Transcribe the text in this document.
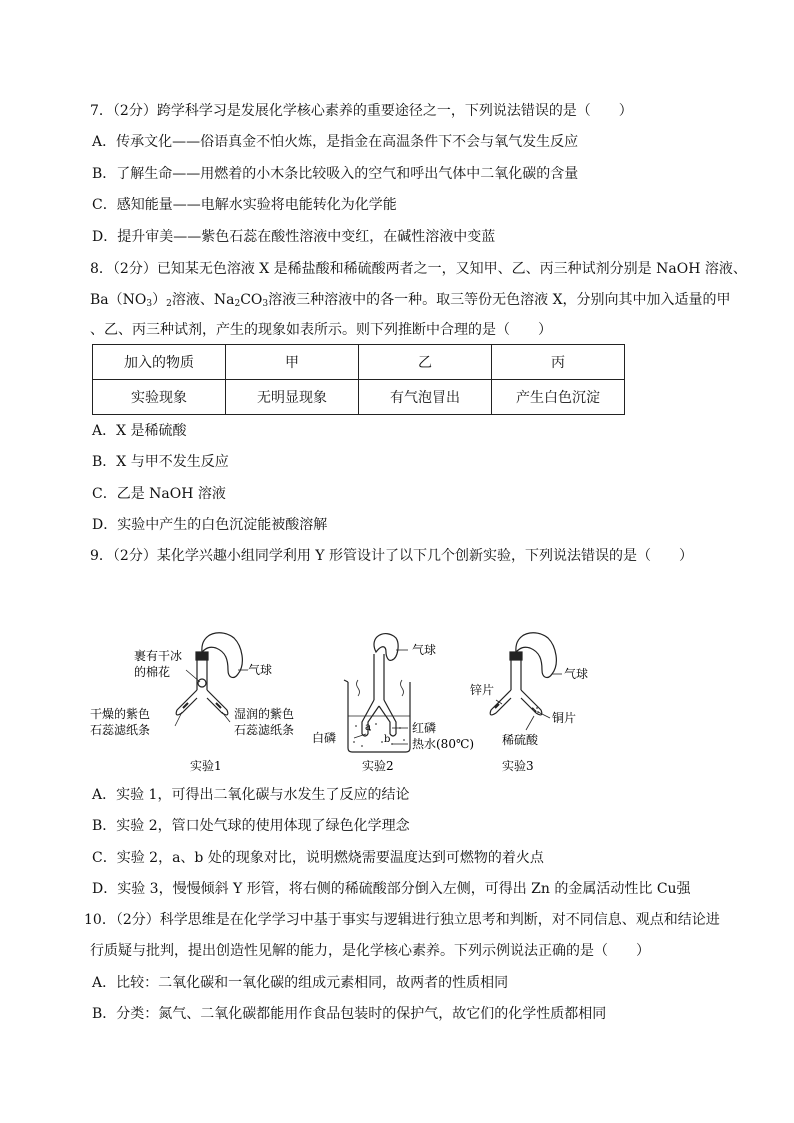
7．（2分）跨学科学习是发展化学核心素养的重要途径之一，下列说法错误的是（　　）
A．传承文化——俗语真金不怕火炼，是指金在高温条件下不会与氧气发生反应
B．了解生命——用燃着的小木条比较吸入的空气和呼出气体中二氧化碳的含量
C．感知能量——电解水实验将电能转化为化学能
D．提升审美——紫色石蕊在酸性溶液中变红，在碱性溶液中变蓝
8．（2分）已知某无色溶液 X 是稀盐酸和稀硫酸两者之一，又知甲、乙、丙三种试剂分别是 NaOH 溶液、
$Ba(NO_3)_2$溶液、$Na_2CO_3$溶液三种溶液中的各一种。取三等份无色溶液 X，分别向其中加入适量的甲
、乙、丙三种试剂，产生的现象如表所示。则下列推断中合理的是（　　）
加入的物质	甲	乙	丙
实验现象	无明显现象	有气泡冒出	产生白色沉淀
A．X 是稀硫酸
B．X 与甲不发生反应
C．乙是 NaOH 溶液
D．实验中产生的白色沉淀能被酸溶解
9．（2分）某化学兴趣小组同学利用 Y 形管设计了以下几个创新实验，下列说法错误的是（　　）
裹有干冰
的棉花	气球
干燥的紫色
石蕊滤纸条
湿润的紫色
石蕊滤纸条
实验1
a
b
气球
红磷
白磷	热水(80℃)
实验2
气球
锌片
铜片
稀硫酸
实验3
A．实验 1，可得出二氧化碳与水发生了反应的结论
B．实验 2，管口处气球的使用体现了绿色化学理念
C．实验 2，a、b 处的现象对比，说明燃烧需要温度达到可燃物的着火点
D．实验 3，慢慢倾斜 Y 形管，将右侧的稀硫酸部分倒入左侧，可得出 Zn 的金属活动性比 Cu强
10．（2分）科学思维是在化学学习中基于事实与逻辑进行独立思考和判断，对不同信息、观点和结论进
行质疑与批判，提出创造性见解的能力，是化学核心素养。下列示例说法正确的是（　　）
A．比较：二氧化碳和一氧化碳的组成元素相同，故两者的性质相同
B．分类：氮气、二氧化碳都能用作食品包装时的保护气，故它们的化学性质都相同
